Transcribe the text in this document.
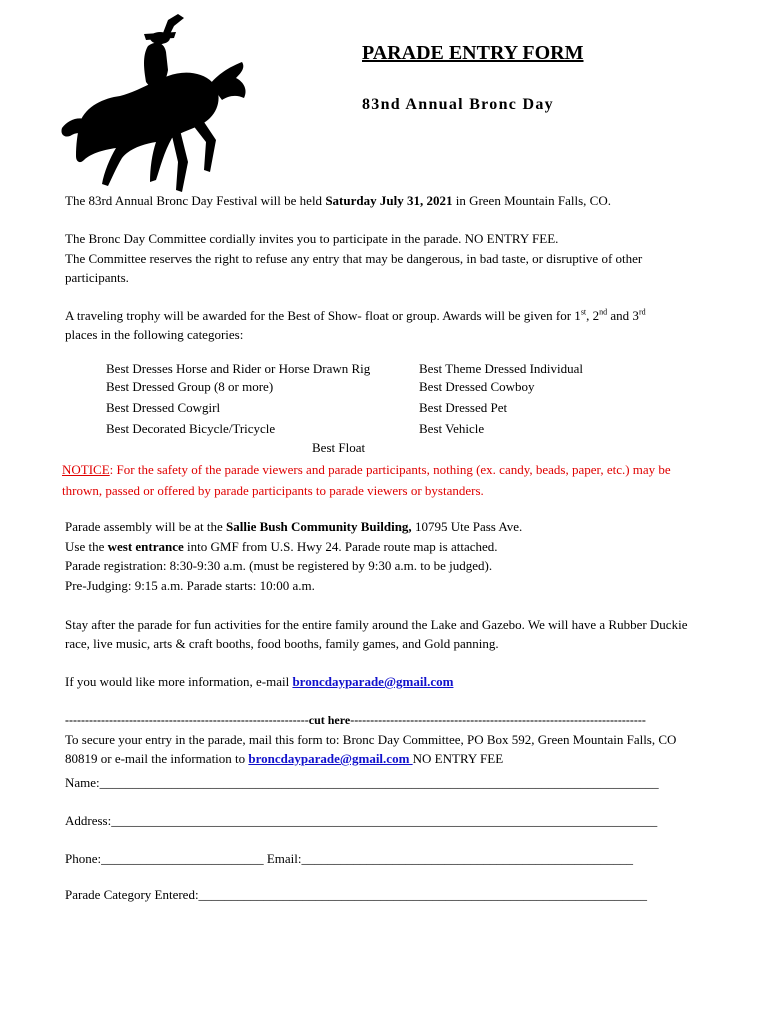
PARADE ENTRY FORM
83nd Annual Bronc Day
The 83rd Annual Bronc Day Festival will be held Saturday July 31, 2021 in Green Mountain Falls, CO.
The Bronc Day Committee cordially invites you to participate in the parade. NO ENTRY FEE.
The Committee reserves the right to refuse any entry that may be dangerous, in bad taste, or disruptive of other
participants.
A traveling trophy will be awarded for the Best of Show- float or group. Awards will be given for 1st, 2nd and 3rd
places in the following categories:
Best Dresses Horse and Rider or Horse Drawn Rig
Best Dressed Group (8 or more)
Best Dressed Cowgirl
Best Decorated Bicycle/Tricycle
Best Theme Dressed Individual
Best Dressed Cowboy
Best Dressed Pet
Best Vehicle
Best Float
NOTICE: For the safety of the parade viewers and parade participants, nothing (ex. candy, beads, paper, etc.) may be
thrown, passed or offered by parade participants to parade viewers or bystanders.
Parade assembly will be at the Sallie Bush Community Building, 10795 Ute Pass Ave.
Use the west entrance into GMF from U.S. Hwy 24. Parade route map is attached.
Parade registration: 8:30-9:30 a.m. (must be registered by 9:30 a.m. to be judged).
Pre-Judging: 9:15 a.m. Parade starts: 10:00 a.m.
Stay after the parade for fun activities for the entire family around the Lake and Gazebo. We will have a Rubber Duckie
race, live music, arts & craft booths, food booths, family games, and Gold panning.
If you would like more information, e-mail broncdayparade@gmail.com
-------------------------------------------------------------cut here--------------------------------------------------------------------------
To secure your entry in the parade, mail this form to: Bronc Day Committee, PO Box 592, Green Mountain Falls, CO
80819 or e-mail the information to broncdayparade@gmail.com NO ENTRY FEE
Name:______________________________________________________________________________________
Address:____________________________________________________________________________________
Phone:_________________________ Email:___________________________________________________
Parade Category Entered:_____________________________________________________________________
